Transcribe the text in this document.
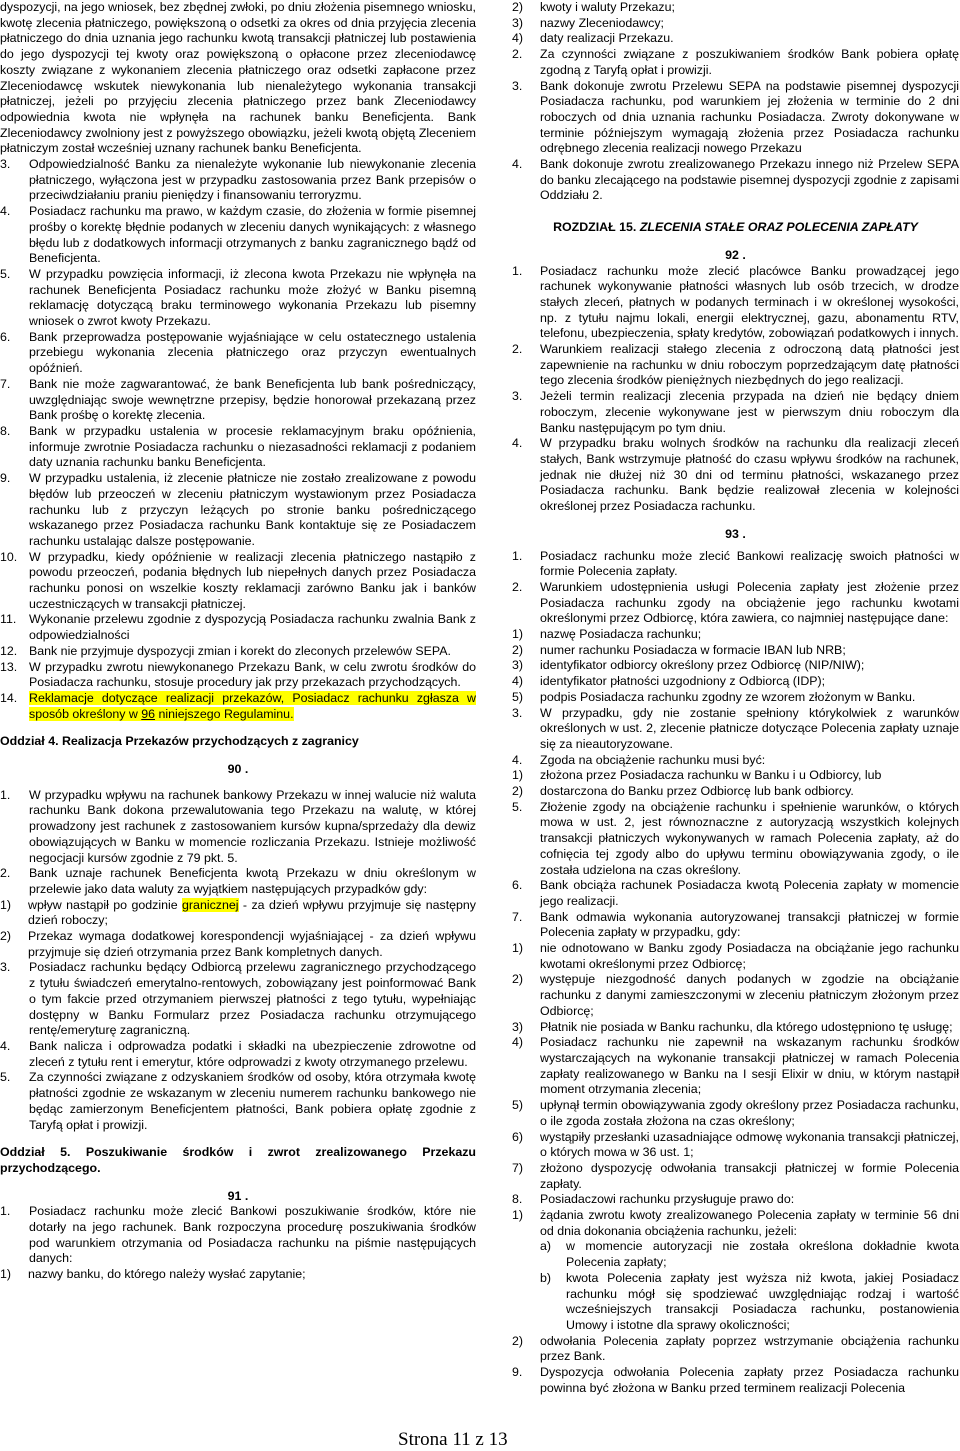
dyspozycji, na jego wniosek, bez zbędnej zwłoki, po dniu złożenia pisemnego wniosku, kwotę zlecenia płatniczego, powiększoną o odsetki za okres od dnia przyjęcia zlecenia płatniczego do dnia uznania jego rachunku kwotą transakcji płatniczej lub postawienia do jego dyspozycji tej kwoty oraz powiększoną o opłacone przez zleceniodawcę koszty związane z wykonaniem zlecenia płatniczego oraz odsetki zapłacone przez Zleceniodawcę wskutek niewykonania lub nienależytego wykonania transakcji płatniczej, jeżeli po przyjęciu zlecenia płatniczego przez bank Zleceniodawcy odpowiednia kwota nie wpłynęła na rachunek banku Beneficjenta. Bank Zleceniodawcy zwolniony jest z powyższego obowiązku, jeżeli kwotą objętą Zleceniem płatniczym został wcześniej uznany rachunek banku Beneficjenta.

3. Odpowiedzialność Banku za nienależyte wykonanie lub niewykonanie zlecenia płatniczego, wyłączona jest w przypadku zastosowania przez Bank przepisów o przeciwdziałaniu praniu pieniędzy i finansowaniu terroryzmu.

4. Posiadacz rachunku ma prawo, w każdym czasie, do złożenia w formie pisemnej prośby o korektę błędnie podanych w zleceniu danych wynikających: z własnego błędu lub z dodatkowych informacji otrzymanych z banku zagranicznego bądź od Beneficjenta.

5. W przypadku powzięcia informacji, iż zlecona kwota Przekazu nie wpłynęła na rachunek Beneficjenta Posiadacz rachunku może złożyć w Banku pisemną reklamację dotyczącą braku terminowego wykonania Przekazu lub pisemny wniosek o zwrot kwoty Przekazu.

6. Bank przeprowadza postępowanie wyjaśniające w celu ostatecznego ustalenia przebiegu wykonania zlecenia płatniczego oraz przyczyn ewentualnych opóźnień.

7. Bank nie może zagwarantować, że bank Beneficjenta lub bank pośredniczący, uwzględniając swoje wewnętrzne przepisy, będzie honorował przekazaną przez Bank prośbę o korektę zlecenia.

8. Bank w przypadku ustalenia w procesie reklamacyjnym braku opóźnienia, informuje zwrotnie Posiadacza rachunku o niezasadności reklamacji z podaniem daty uznania rachunku banku Beneficjenta.

9. W przypadku ustalenia, iż zlecenie płatnicze nie zostało zrealizowane z powodu błędów lub przeoczeń w zleceniu płatniczym wystawionym przez Posiadacza rachunku lub z przyczyn leżących po stronie banku pośredniczącego wskazanego przez Posiadacza rachunku Bank kontaktuje się ze Posiadaczem rachunku ustalając dalsze postępowanie.

10. W przypadku, kiedy opóźnienie w realizacji zlecenia płatniczego nastąpiło z powodu przeoczeń, podania błędnych lub niepełnych danych przez Posiadacza rachunku ponosi on wszelkie koszty reklamacji zarówno Banku jak i banków uczestniczących w transakcji płatniczej.

11. Wykonanie przelewu zgodnie z dyspozycją Posiadacza rachunku zwalnia Bank z odpowiedzialności

12. Bank nie przyjmuje dyspozycji zmian i korekt do zleconych przelewów SEPA.

13. W przypadku zwrotu niewykonanego Przekazu Bank, w celu zwrotu środków do Posiadacza rachunku, stosuje procedury jak przy przekazach przychodzących.

14. Reklamacje dotyczące realizacji przekazów, Posiadacz rachunku zgłasza w sposób określony w 96 niniejszego Regulaminu.

Oddział 4. Realizacja Przekazów przychodzących z zagranicy

90 .

1. W przypadku wpływu na rachunek bankowy Przekazu w innej walucie niż waluta rachunku Bank dokona przewalutowania tego Przekazu na walutę, w której prowadzony jest rachunek z zastosowaniem kursów kupna/sprzedaży dla dewiz obowiązujących w Banku w momencie rozliczania Przekazu. Istnieje możliwość negocjacji kursów zgodnie z 79 pkt. 5.

2. Bank uznaje rachunek Beneficjenta kwotą Przekazu w dniu określonym w przelewie jako data waluty za wyjątkiem następujących przypadków gdy:

1) wpływ nastąpił po godzinie granicznej - za dzień wpływu przyjmuje się następny dzień roboczy;

2) Przekaz wymaga dodatkowej korespondencji wyjaśniającej - za dzień wpływu przyjmuje się dzień otrzymania przez Bank kompletnych danych.

3. Posiadacz rachunku będący Odbiorcą przelewu zagranicznego przychodzącego z tytułu świadczeń emerytalno-rentowych, zobowiązany jest poinformować Bank o tym fakcie przed otrzymaniem pierwszej płatności z tego tytułu, wypełniając dostępny w Banku Formularz przez Posiadacza rachunku otrzymującego rentę/emeryturę zagraniczną.

4. Bank nalicza i odprowadza podatki i składki na ubezpieczenie zdrowotne od zleceń z tytułu rent i emerytur, które odprowadzi z kwoty otrzymanego przelewu.

5. Za czynności związane z odzyskaniem środków od osoby, która otrzymała kwotę płatności zgodnie ze wskazanym w zleceniu numerem rachunku bankowego nie będąc zamierzonym Beneficjentem płatności, Bank pobiera opłatę zgodnie z Taryfą opłat i prowizji.

Oddział 5. Poszukiwanie środków i zwrot zrealizowanego Przekazu przychodzącego.

91 .

1. Posiadacz rachunku może zlecić Bankowi poszukiwanie środków, które nie dotarły na jego rachunek. Bank rozpoczyna procedurę poszukiwania środków pod warunkiem otrzymania od Posiadacza rachunku na piśmie następujących danych:

1) nazwy banku, do którego należy wysłać zapytanie;

2) kwoty i waluty Przekazu;

3) nazwy Zleceniodawcy;

4) daty realizacji Przekazu.

2. Za czynności związane z poszukiwaniem środków Bank pobiera opłatę zgodną z Taryfą opłat i prowizji.

3. Bank dokonuje zwrotu Przelewu SEPA na podstawie pisemnej dyspozycji Posiadacza rachunku, pod warunkiem jej złożenia w terminie do 2 dni roboczych od dnia uznania rachunku Posiadacza. Zwroty dokonywane w terminie późniejszym wymagają złożenia przez Posiadacza rachunku odrębnego zlecenia realizacji nowego Przekazu

4. Bank dokonuje zwrotu zrealizowanego Przekazu innego niż Przelew SEPA do banku zlecającego na podstawie pisemnej dyspozycji zgodnie z zapisami Oddziału 2.

ROZDZIAŁ 15. ZLECENIA STAŁE ORAZ POLECENIA ZAPŁATY

92 .

1. Posiadacz rachunku może zlecić placówce Banku prowadzącej jego rachunek wykonywanie płatności własnych lub osób trzecich, w drodze stałych zleceń, płatnych w podanych terminach i w określonej wysokości, np. z tytułu najmu lokali, energii elektrycznej, gazu, abonamentu RTV, telefonu, ubezpieczenia, spłaty kredytów, zobowiązań podatkowych i innych.

2. Warunkiem realizacji stałego zlecenia z odroczoną datą płatności jest zapewnienie na rachunku w dniu roboczym poprzedzającym datę płatności tego zlecenia środków pieniężnych niezbędnych do jego realizacji.

3. Jeżeli termin realizacji zlecenia przypada na dzień nie będący dniem roboczym, zlecenie wykonywane jest w pierwszym dniu roboczym dla Banku następującym po tym dniu.

4. W przypadku braku wolnych środków na rachunku dla realizacji zleceń stałych, Bank wstrzymuje płatność do czasu wpływu środków na rachunek, jednak nie dłużej niż 30 dni od terminu płatności, wskazanego przez Posiadacza rachunku. Bank będzie realizował zlecenia w kolejności określonej przez Posiadacza rachunku.

93 .

1. Posiadacz rachunku może zlecić Bankowi realizację swoich płatności w formie Polecenia zapłaty.

2. Warunkiem udostępnienia usługi Polecenia zapłaty jest złożenie przez Posiadacza rachunku zgody na obciążenie jego rachunku kwotami określonymi przez Odbiorcę, która zawiera, co najmniej następujące dane:

1) nazwę Posiadacza rachunku;

2) numer rachunku Posiadacza w formacie IBAN lub NRB;

3) identyfikator odbiorcy określony przez Odbiorcę (NIP/NIW);

4) identyfikator płatności uzgodniony z Odbiorcą (IDP);

5) podpis Posiadacza rachunku zgodny ze wzorem złożonym w Banku.

3. W przypadku, gdy nie zostanie spełniony którykolwiek z warunków określonych w ust. 2, zlecenie płatnicze dotyczące Polecenia zapłaty uznaje się za nieautoryzowane.

4. Zgoda na obciążenie rachunku musi być:

1) złożona przez Posiadacza rachunku w Banku i u Odbiorcy, lub

2) dostarczona do Banku przez Odbiorcę lub bank odbiorcy.

5. Złożenie zgody na obciążenie rachunku i spełnienie warunków, o których mowa w ust. 2, jest równoznaczne z autoryzacją wszystkich kolejnych transakcji płatniczych wykonywanych w ramach Polecenia zapłaty, aż do cofnięcia tej zgody albo do upływu terminu obowiązywania zgody, o ile została udzielona na czas określony.

6. Bank obciąża rachunek Posiadacza kwotą Polecenia zapłaty w momencie jego realizacji.

7. Bank odmawia wykonania autoryzowanej transakcji płatniczej w formie Polecenia zapłaty w przypadku, gdy:

1) nie odnotowano w Banku zgody Posiadacza na obciążanie jego rachunku kwotami określonymi przez Odbiorcę;

2) występuje niezgodność danych podanych w zgodzie na obciążanie rachunku z danymi zamieszczonymi w zleceniu płatniczym złożonym przez Odbiorcę;

3) Płatnik nie posiada w Banku rachunku, dla którego udostępniono tę usługę;

4) Posiadacz rachunku nie zapewnił na wskazanym rachunku środków wystarczających na wykonanie transakcji płatniczej w ramach Polecenia zapłaty realizowanego w Banku na I sesji Elixir w dniu, w którym nastąpił moment otrzymania zlecenia;

5) upłynął termin obowiązywania zgody określony przez Posiadacza rachunku, o ile zgoda została złożona na czas określony;

6) wystąpiły przesłanki uzasadniające odmowę wykonania transakcji płatniczej, o których mowa w 36 ust. 1;

7) złożono dyspozycję odwołania transakcji płatniczej w formie Polecenia zapłaty.

8. Posiadaczowi rachunku przysługuje prawo do:

1) żądania zwrotu kwoty zrealizowanego Polecenia zapłaty w terminie 56 dni od dnia dokonania obciążenia rachunku, jeżeli:

a) w momencie autoryzacji nie została określona dokładnie kwota Polecenia zapłaty;

b) kwota Polecenia zapłaty jest wyższa niż kwota, jakiej Posiadacz rachunku mógł się spodziewać uwzględniając rodzaj i wartość wcześniejszych transakcji Posiadacza rachunku, postanowienia Umowy i istotne dla sprawy okoliczności;

2) odwołania Polecenia zapłaty poprzez wstrzymanie obciążenia rachunku przez Bank.

9. Dyspozycja odwołania Polecenia zapłaty przez Posiadacza rachunku powinna być złożona w Banku przed terminem realizacji Polecenia

Strona 11 z 13
